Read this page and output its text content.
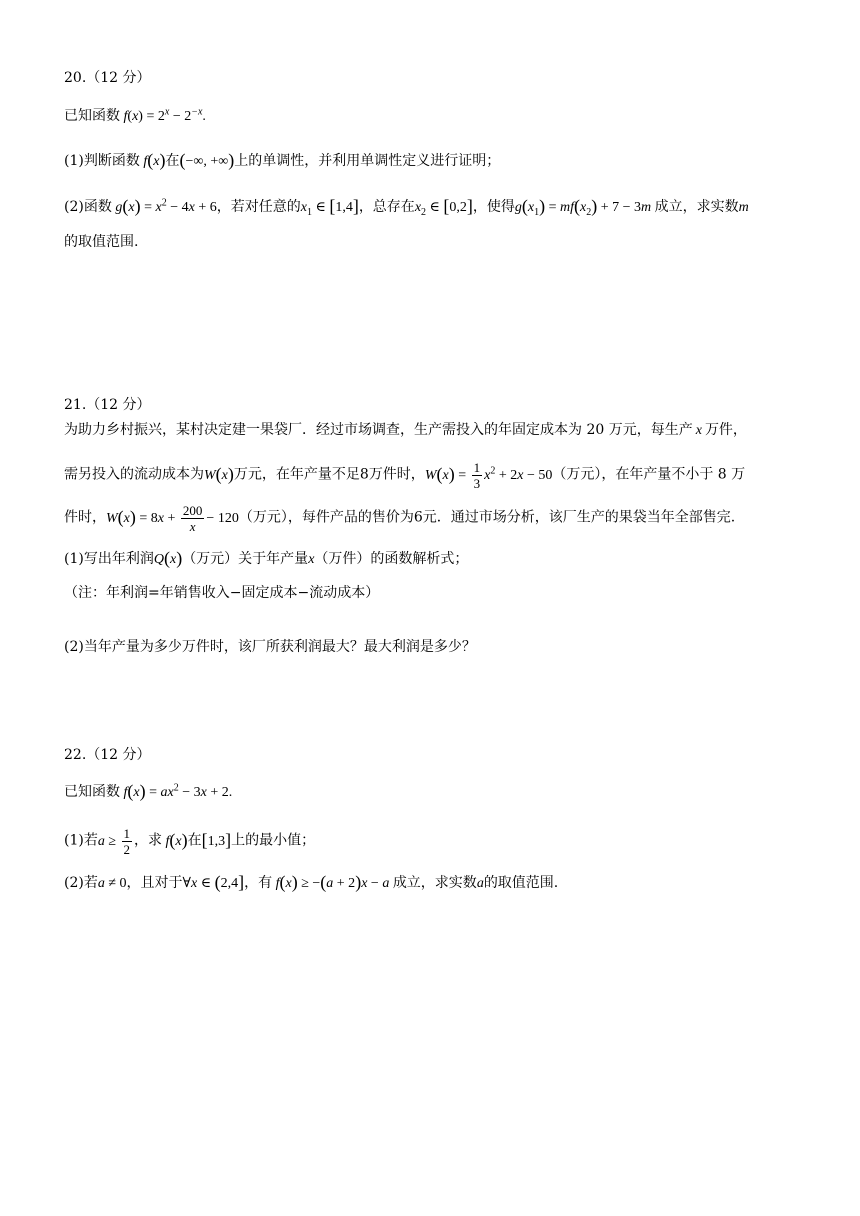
20.（12 分）
已知函数 $f(x) = 2^x - 2^{-x}$.
(1)判断函数 f(x)在(−∞, +∞)上的单调性，并利用单调性定义进行证明；
(2)函数 $g(x) = x^2 - 4x + 6$，若对任意的$x_1$ ∈ [1,4]，总存在$x_2$ ∈ [0,2]，使得$g(x_1) = mf(x_2) + 7 - 3m$ 成立，求实数m
的取值范围.
21.（12 分）
为助力乡村振兴，某村决定建一果袋厂．经过市场调查，生产需投入的年固定成本为 20 万元，每生产 x 万件，
需另投入的流动成本为W(x)万元，在年产量不足8万件时，$W(x) = \frac{1}{3} x^2 + 2x - 50$（万元），在年产量不小于 8 万
件时，$W(x) = 8x + \frac{200}{x} - 120$（万元），每件产品的售价为6元．通过市场分析，该厂生产的果袋当年全部售完.
(1)写出年利润Q(x)（万元）关于年产量x（万件）的函数解析式；
（注：年利润=年销售收入−固定成本−流动成本）
(2)当年产量为多少万件时，该厂所获利润最大？最大利润是多少？
22.（12 分）
已知函数 $f(x) = ax^2 - 3x + 2$.
(1)若$a \ge \frac{1}{2}$ ，求 f(x)在[1,3]上的最小值；
(2)若a ≠ 0，且对于∀x ∈ (2,4]，有 f(x) ≥ −(a + 2)x − a 成立，求实数a的取值范围.
